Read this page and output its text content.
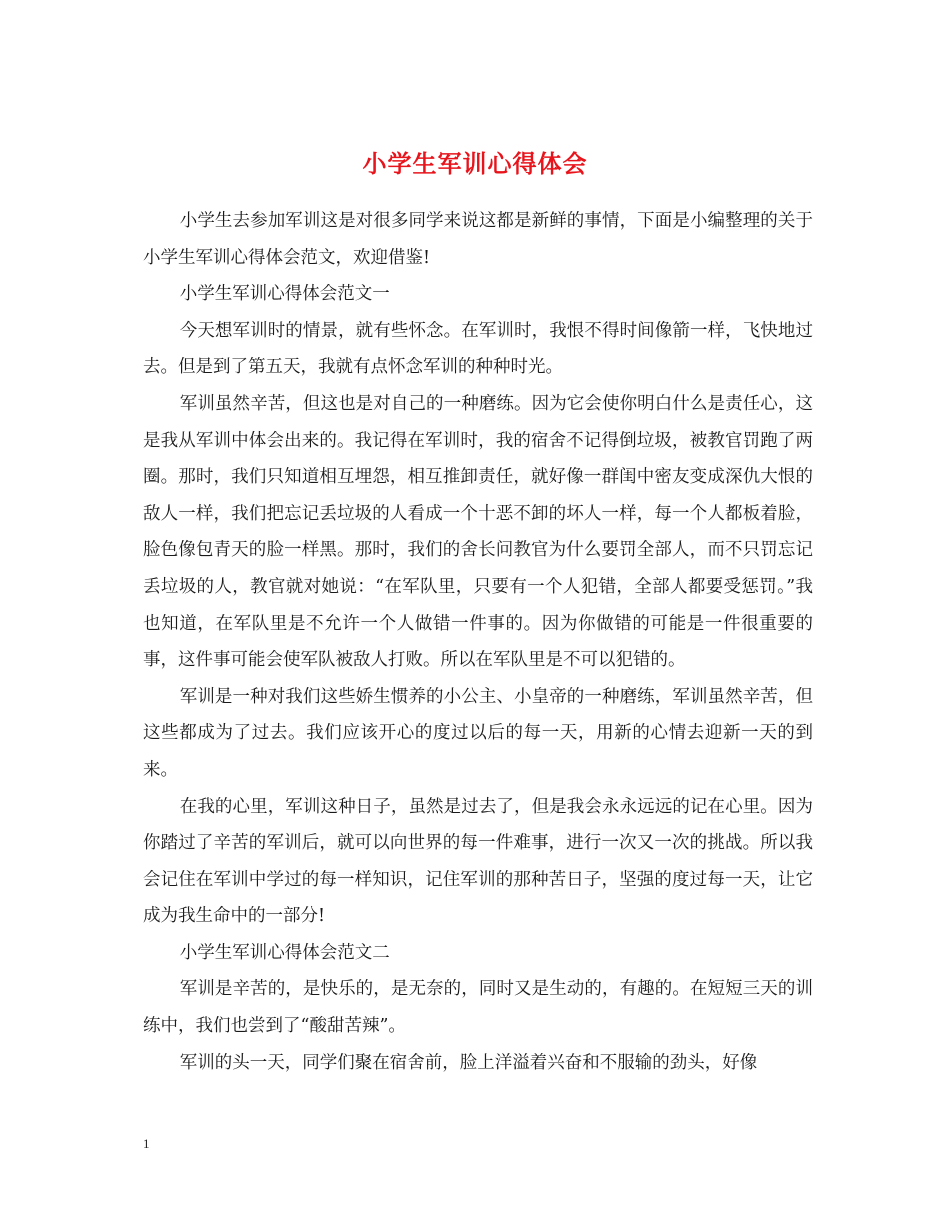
小学生军训心得体会

小学生去参加军训这是对很多同学来说这都是新鲜的事情，下面是小编整理的关于小学生军训心得体会范文，欢迎借鉴!

小学生军训心得体会范文一

今天想军训时的情景，就有些怀念。在军训时，我恨不得时间像箭一样，飞快地过去。但是到了第五天，我就有点怀念军训的种种时光。

军训虽然辛苦，但这也是对自己的一种磨练。因为它会使你明白什么是责任心，这是我从军训中体会出来的。我记得在军训时，我的宿舍不记得倒垃圾，被教官罚跑了两圈。那时，我们只知道相互埋怨，相互推卸责任，就好像一群闺中密友变成深仇大恨的敌人一样，我们把忘记丢垃圾的人看成一个十恶不卸的坏人一样，每一个人都板着脸，脸色像包青天的脸一样黑。那时，我们的舍长问教官为什么要罚全部人，而不只罚忘记丢垃圾的人，教官就对她说：“在军队里，只要有一个人犯错，全部人都要受惩罚。”我也知道，在军队里是不允许一个人做错一件事的。因为你做错的可能是一件很重要的事，这件事可能会使军队被敌人打败。所以在军队里是不可以犯错的。

军训是一种对我们这些娇生惯养的小公主、小皇帝的一种磨练，军训虽然辛苦，但这些都成为了过去。我们应该开心的度过以后的每一天，用新的心情去迎新一天的到来。

在我的心里，军训这种日子，虽然是过去了，但是我会永永远远的记在心里。因为你踏过了辛苦的军训后，就可以向世界的每一件难事，进行一次又一次的挑战。所以我会记住在军训中学过的每一样知识，记住军训的那种苦日子，坚强的度过每一天，让它成为我生命中的一部分!

小学生军训心得体会范文二

军训是辛苦的，是快乐的，是无奈的，同时又是生动的，有趣的。在短短三天的训练中，我们也尝到了“酸甜苦辣”。

军训的头一天，同学们聚在宿舍前，脸上洋溢着兴奋和不服输的劲头，好像

1
